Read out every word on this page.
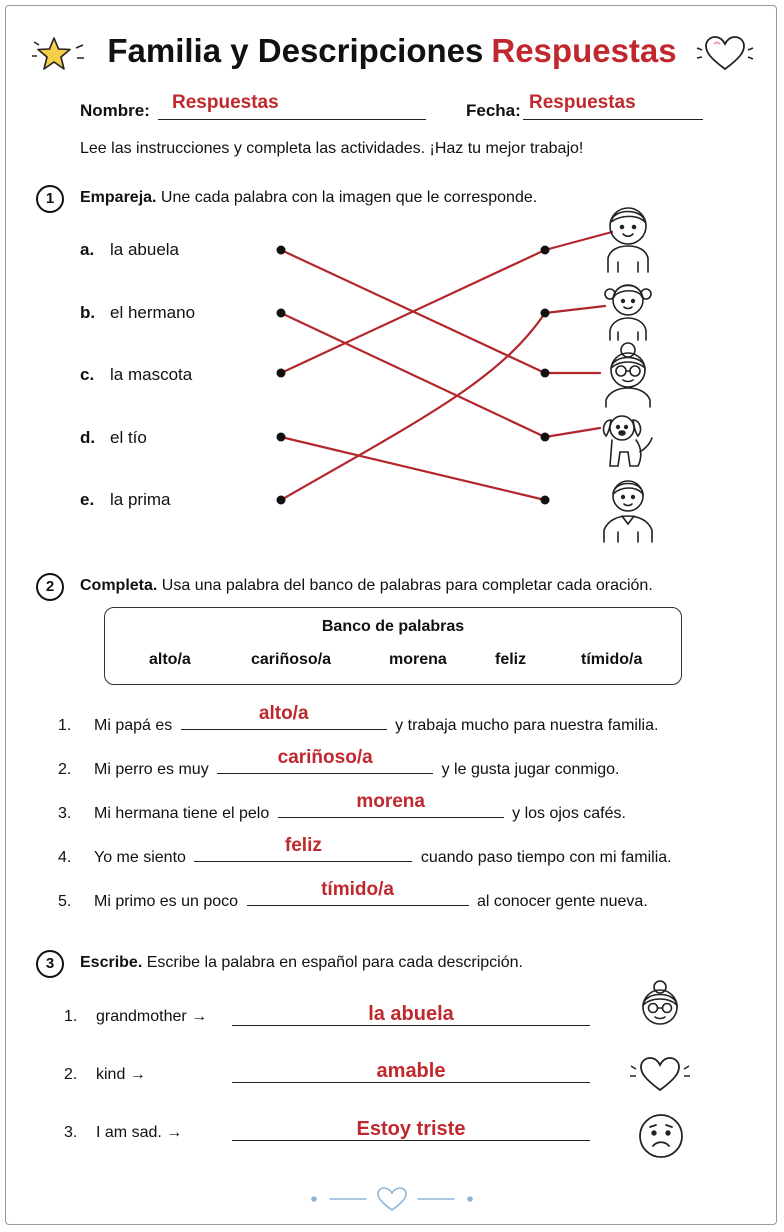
Familia y Descripciones Respuestas
Nombre: Respuestas	Fecha: Respuestas
Lee las instrucciones y completa las actividades. ¡Haz tu mejor trabajo!
1	Empareja. Une cada palabra con la imagen que le corresponde.
a. la abuela
b. el hermano
c. la mascota
d. el tío
e. la prima
2	Completa. Usa una palabra del banco de palabras para completar cada oración.
Banco de palabras
alto/a	cariñoso/a	morena	feliz	tímido/a
1. Mi papá es
alto/a
y trabaja mucho para nuestra familia.
2. Mi perro es muy
cariñoso/a
y le gusta jugar conmigo.
3. Mi hermana tiene el pelo
morena
y los ojos cafés.
4. Yo me siento
feliz
cuando paso tiempo con mi familia.
5. Mi primo es un poco
tímido/a
al conocer gente nueva.
3	Escribe. Escribe la palabra en español para cada descripción.
1. grandmother →	la abuela
2. kind →	amable
3. I am sad. →	Estoy triste
